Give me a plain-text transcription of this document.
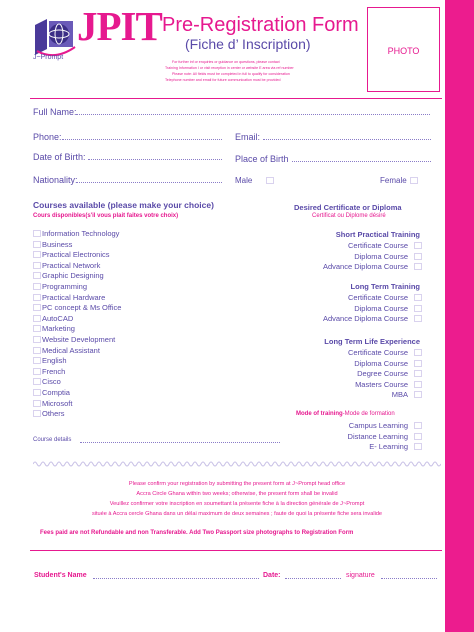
JPIT
J~Prompt
Pre-Registration Form
(Fiche d’ Inscription)
For further inf or enquiries or guidance on questions, please contact
Training Information I or visit reception in center or website E area via ref number
Please note: All fields must be completed in full to qualify for consideration
Telephone number and email for future communication must be provided
PHOTO
Full Name:
Phone:	Email:
Date of Birth:	Place of Birth
Nationality:	Male	Female
Courses available (please make your choice)
Cours disponibles(s'il vous plait faites votre choix)
Information Technology
Business
Practical Electronics
Practical Network
Graphic Designing
Programming
Practical Hardware
PC concept & Ms Office
AutoCAD
Marketing
Website Development
Medical Assistant
English
French
Cisco
Comptia
Microsoft
Others
Course details
Desired Certificate or Diploma
Certificat ou Diplome désiré
Short Practical Training
Certificate Course
Diploma Course
Advance Diploma Course
Long Term Training
Certificate Course
Diploma Course
Advance Diploma Course
Long Term Life Experience
Certificate Course
Diploma Course
Degree Course
Masters Course
MBA
Mode of training-Mode de formation
Campus Learning
Distance Learning
E- Learning
Please confirm your registration by submitting the present form at J~Prompt head office
Accra Circle Ghana within two weeks; otherwise, the present form shall be invalid
Veuillez confirmer votre inscription en soumettant la présente fiche à la direction générale de J~Prompt
située à Accra cercle Ghana dans un délai maximum de deux semaines ; faute de quoi la présente fiche sera invalide
Fees paid are not Refundable and non Transferable. Add Two Passport size photographs to Registration Form
Student's Name	Date:	signature
